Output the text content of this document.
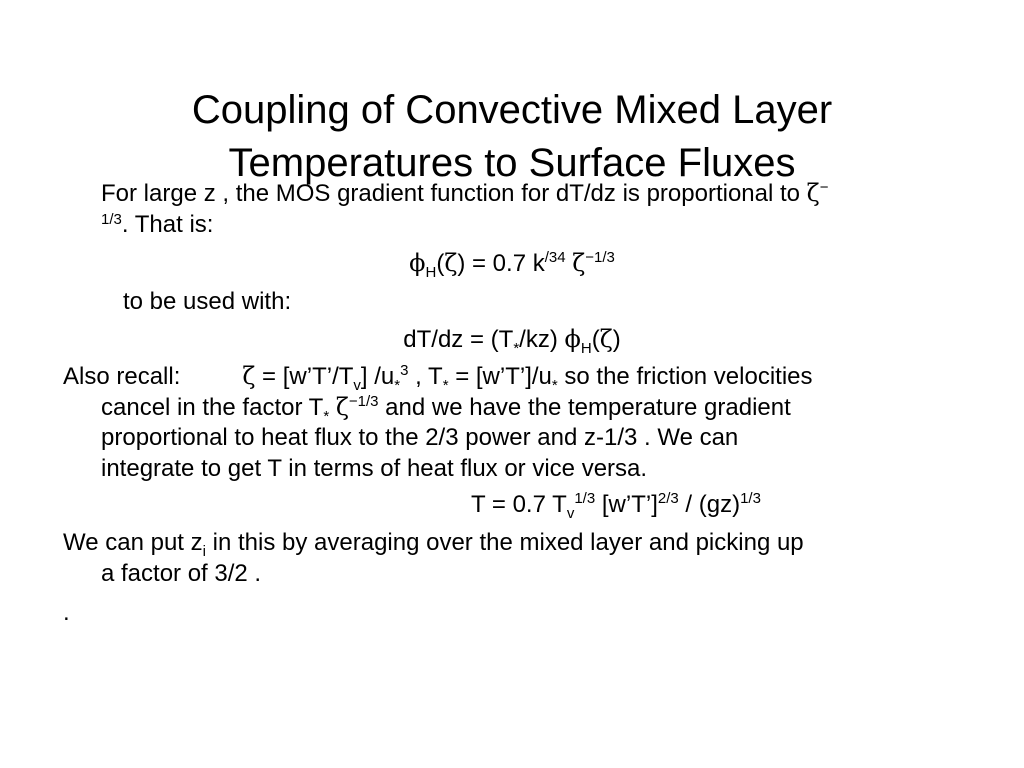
Coupling of Convective Mixed Layer
Temperatures to Surface Fluxes

For large z , the MOS gradient function for dT/dz is proportional to ζ−

$^{1/3}$. That is:

$\phi_H(\zeta) = 0.7$ $k^{/34}$ $\zeta^{-1/3}$

to be used with:

$dT/dz = (T_*/kz)$ $\phi_H(\zeta)$

Also recall:	$\zeta = [w’T’/T_v]$ $/u_*^3$ , $T_*$ = $[w’T’]/u_*$ so the friction velocities

cancel in the factor $T_*$ $\zeta^{-1/3}$ and we have the temperature gradient

proportional to heat flux to the 2/3 power and z-1/3 . We can

integrate to get T in terms of heat flux or vice versa.

T = 0.7 $T_v^{1/3}$ [w’T’]$^{2/3}$ / (gz)$^{1/3}$

We can put $z_i$ in this by averaging over the mixed layer and picking up

a factor of 3/2 .

.
